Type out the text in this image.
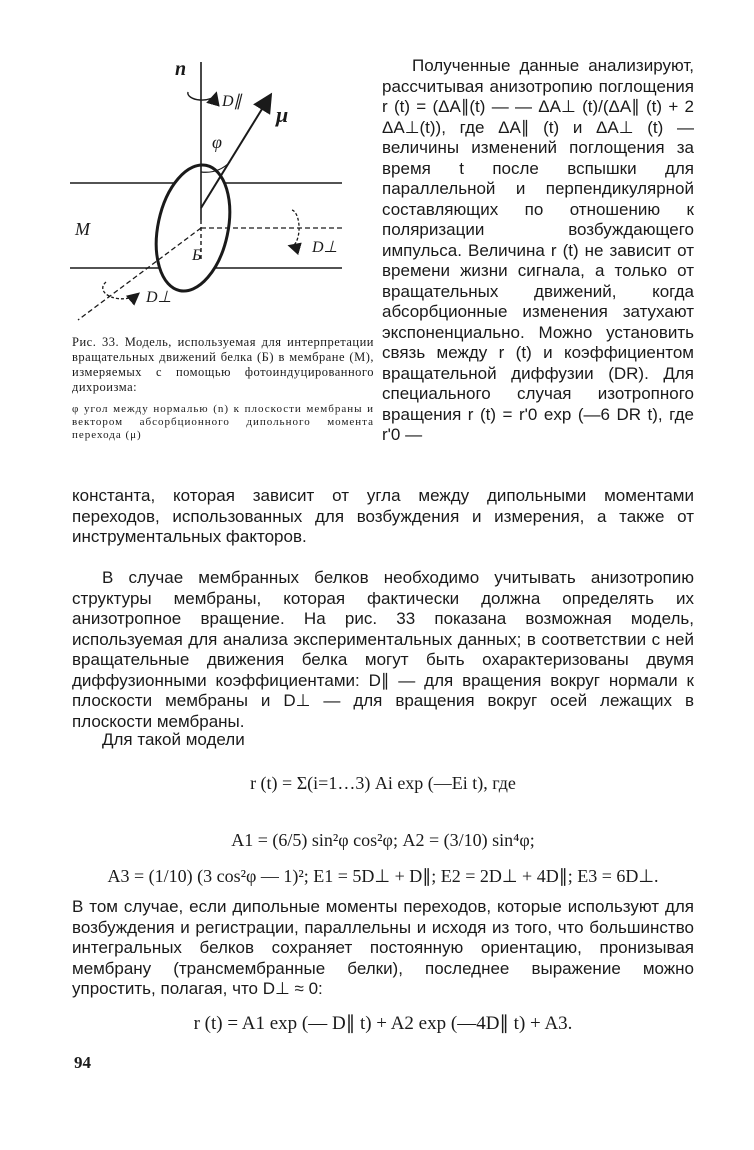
n
D∥
μ
φ
M
Б	D⊥
D⊥

Рис. 33. Модель, используемая для интерпретации вращательных движений белка (Б) в мембране (М), измеряемых с помощью фотоиндуцированного дихроизма:

φ угол между нормалью (n) к плоскости мембраны и вектором абсорбционного дипольного момента перехода (μ)

Полученные данные анализируют, рассчитывая анизотропию поглощения r (t) = (ΔA∥(t) — — ΔA⊥ (t)/(ΔA∥ (t) + 2 ΔA⊥(t)), где ΔA∥ (t) и ΔA⊥ (t) — величины изменений поглощения за время t после вспышки для параллельной и перпендикулярной составляющих по отношению к поляризации возбуждающего импульса. Величина r (t) не зависит от времени жизни сигнала, а только от вращательных движений, когда абсорбционные изменения затухают экспоненциально. Можно установить связь между r (t) и коэффициентом вращательной диффузии (DR). Для специального случая изотропного вращения r (t) = r'0 exp (—6 DR t), где r'0 —

константа, которая зависит от угла между дипольными моментами переходов, использованных для возбуждения и измерения, а также от инструментальных факторов.

В случае мембранных белков необходимо учитывать анизотропию структуры мембраны, которая фактически должна определять их анизотропное вращение. На рис. 33 показана возможная модель, используемая для анализа экспериментальных данных; в соответствии с ней вращательные движения белка могут быть охарактеризованы двумя диффузионными коэффициентами: D∥ — для вращения вокруг нормали к плоскости мембраны и D⊥ — для вращения вокруг осей лежащих в плоскости мембраны.

Для такой модели

r (t) = Σ(i=1…3) Ai exp (—Ei t), где
A1 = (6/5) sin²φ cos²φ; A2 = (3/10) sin⁴φ;
A3 = (1/10) (3 cos²φ — 1)²; E1 = 5D⊥ + D∥; E2 = 2D⊥ + 4D∥; E3 = 6D⊥.

В том случае, если дипольные моменты переходов, которые используют для возбуждения и регистрации, параллельны и исходя из того, что большинство интегральных белков сохраняет постоянную ориентацию, пронизывая мембрану (трансмембранные белки), последнее выражение можно упростить, полагая, что D⊥ ≈ 0:

r (t) = A1 exp (— D∥ t) + A2 exp (—4D∥ t) + A3.
94
